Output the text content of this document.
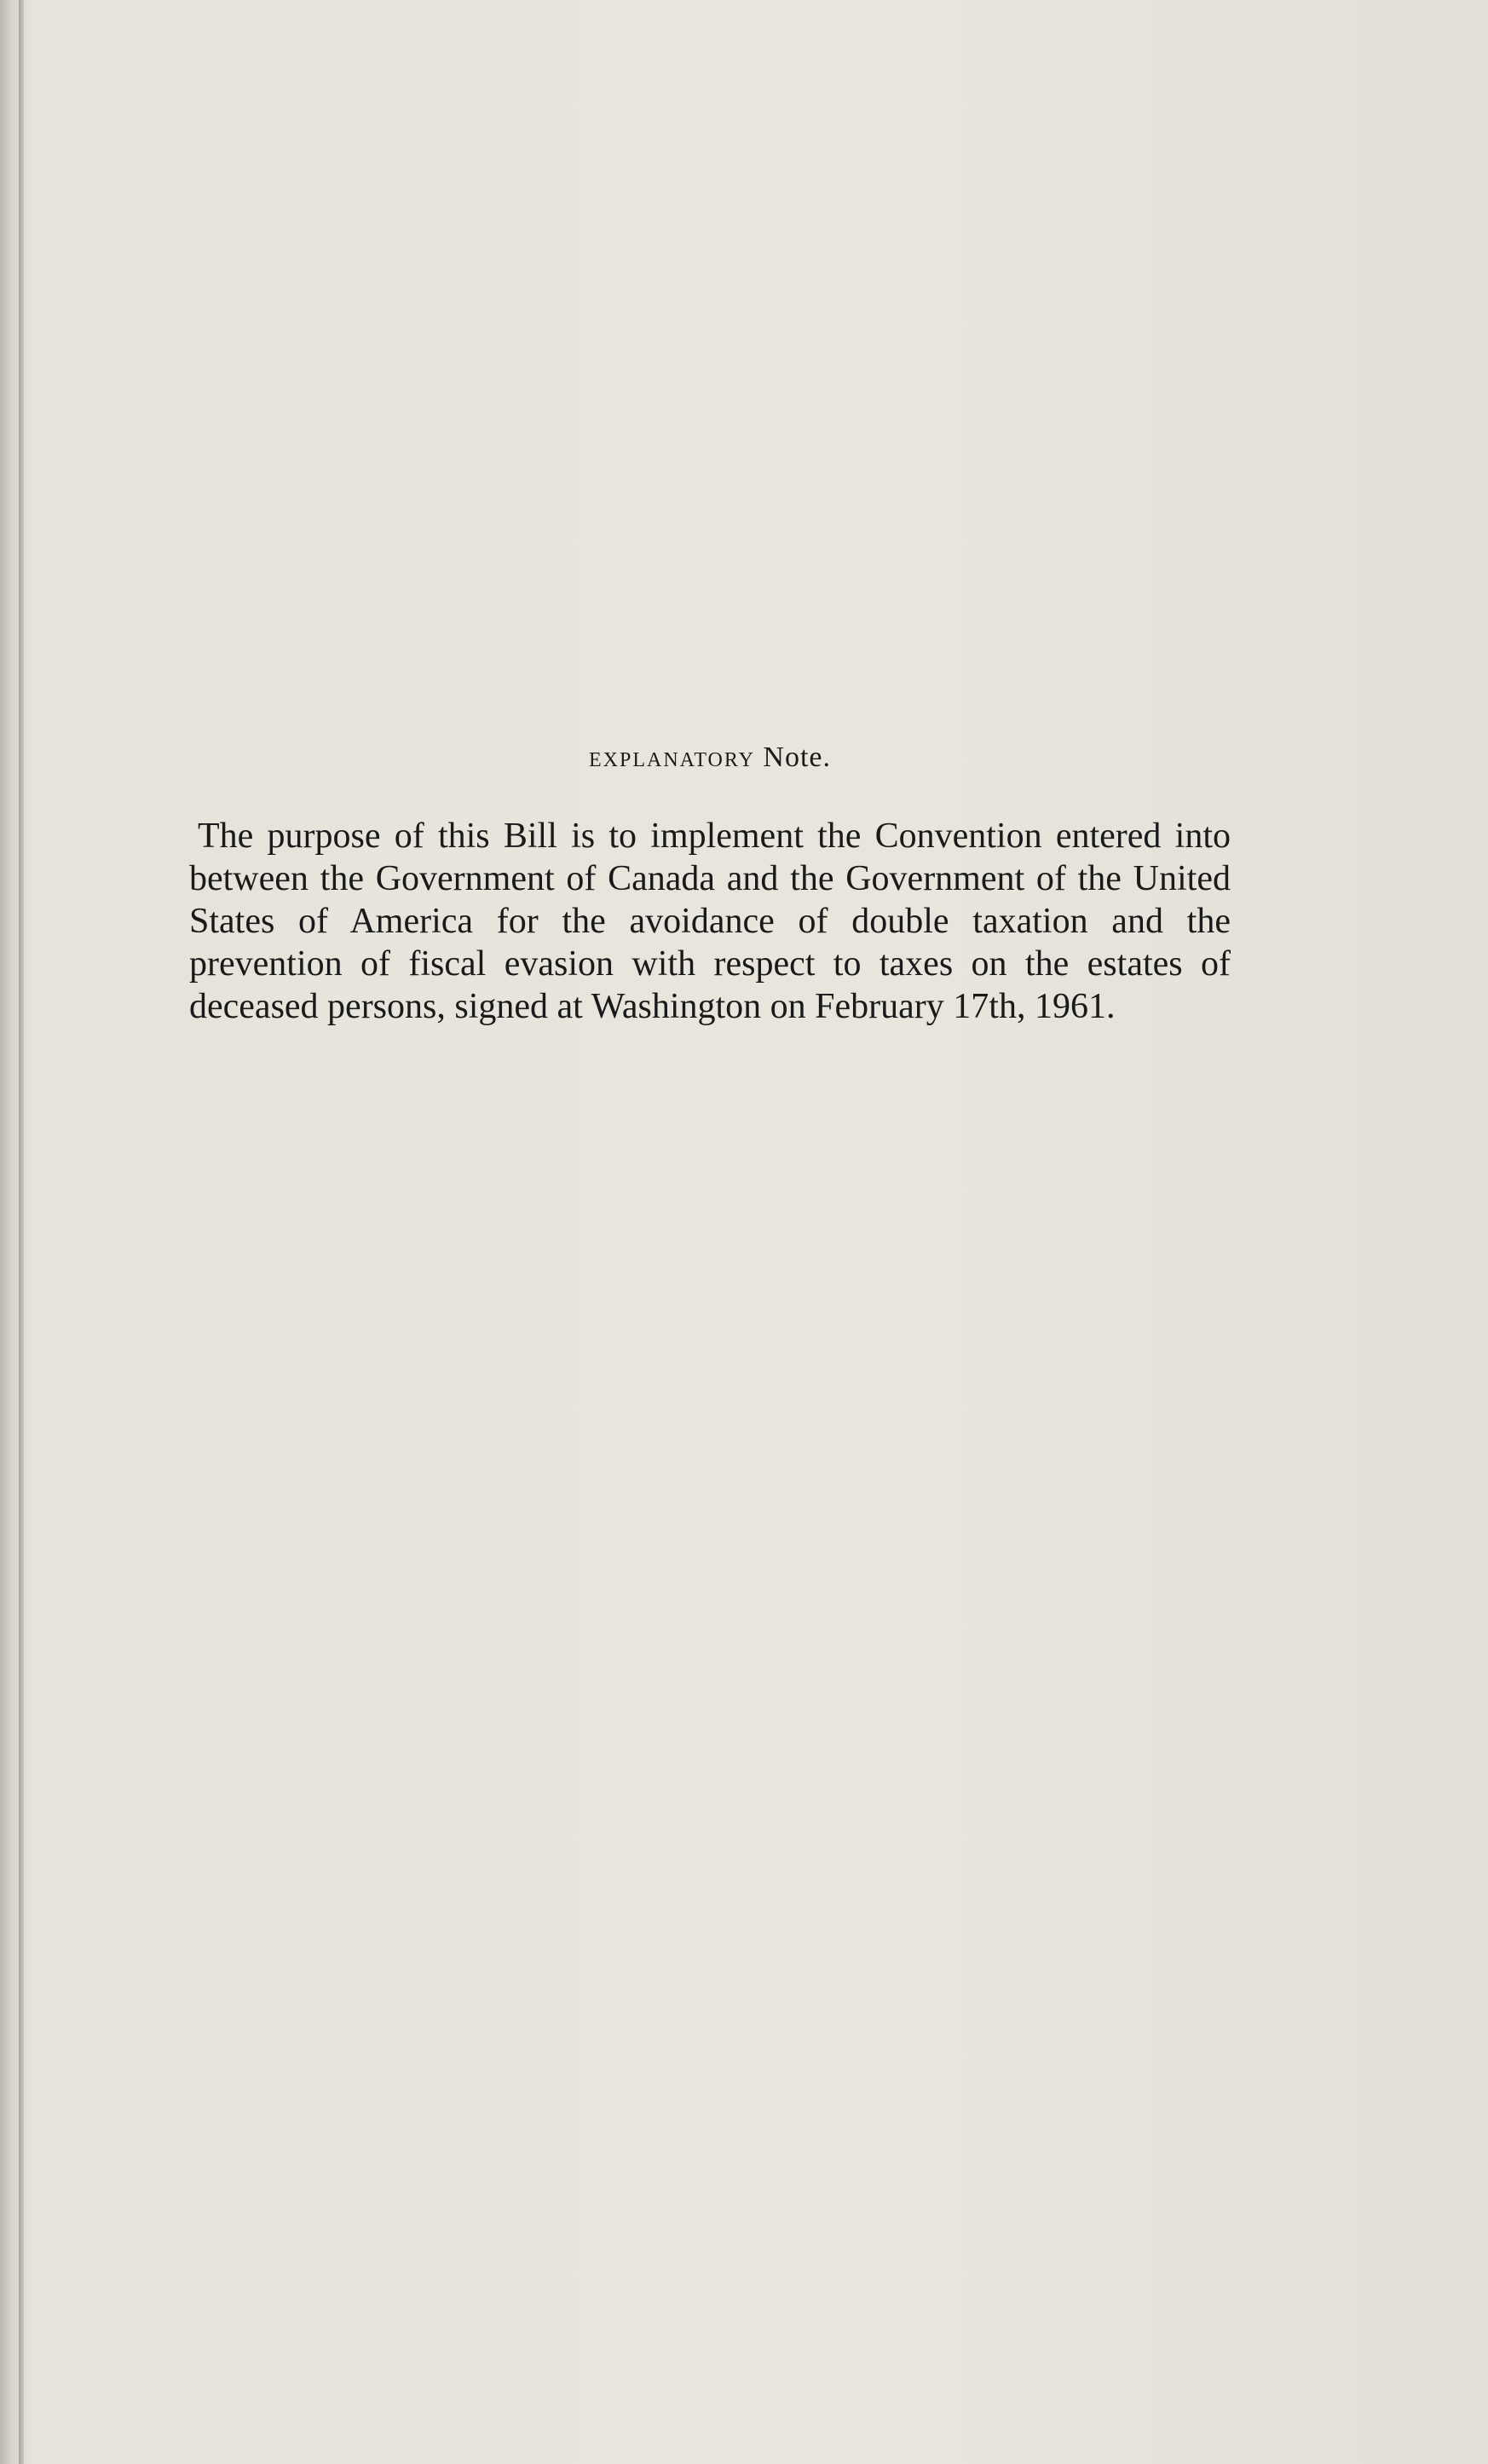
explanatory Note.

The purpose of this Bill is to implement the Convention entered into between the Government of Canada and the Government of the United States of America for the avoidance of double taxation and the prevention of fiscal evasion with respect to taxes on the estates of deceased persons, signed at Washington on February 17th, 1961.
